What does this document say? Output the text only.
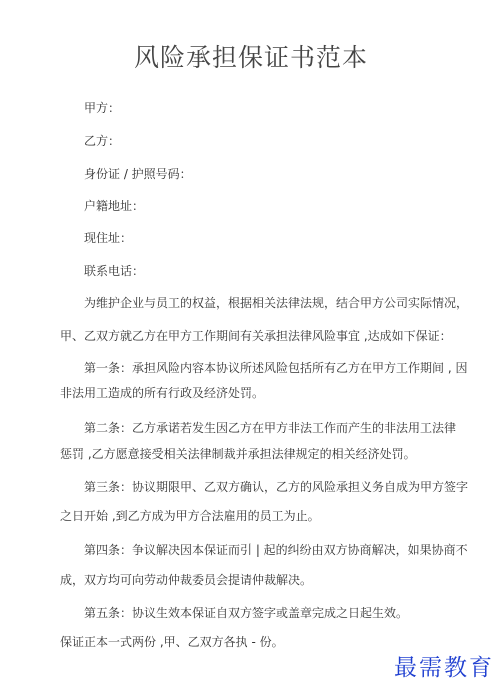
风险承担保证书范本
甲方：
乙方：
身份证 / 护照号码：
户籍地址：
现住址：
联系电话：
为维护企业与员工的权益，根据相关法律法规，结合甲方公司实际情况，
甲、乙双方就乙方在甲方工作期间有关承担法律风险事宜 ,达成如下保证：
第一条：承担风险内容本协议所述风险包括所有乙方在甲方工作期间 , 因
非法用工造成的所有行政及经济处罚。
第二条：乙方承诺若发生因乙方在甲方非法工作而产生的非法用工法律
惩罚 ,乙方愿意接受相关法律制裁并承担法律规定的相关经济处罚。
第三条：协议期限甲、乙双方确认，乙方的风险承担义务自成为甲方签字
之日开始 ,到乙方成为甲方合法雇用的员工为止。
第四条：争议解决因本保证而引 | 起的纠纷由双方协商解决，如果协商不
成，双方均可向劳动仲裁委员会提请仲裁解决。
第五条：协议生效本保证自双方签字或盖章完成之日起生效。
保证正本一式两份 ,甲、乙双方各执 - 份。
最需教育
